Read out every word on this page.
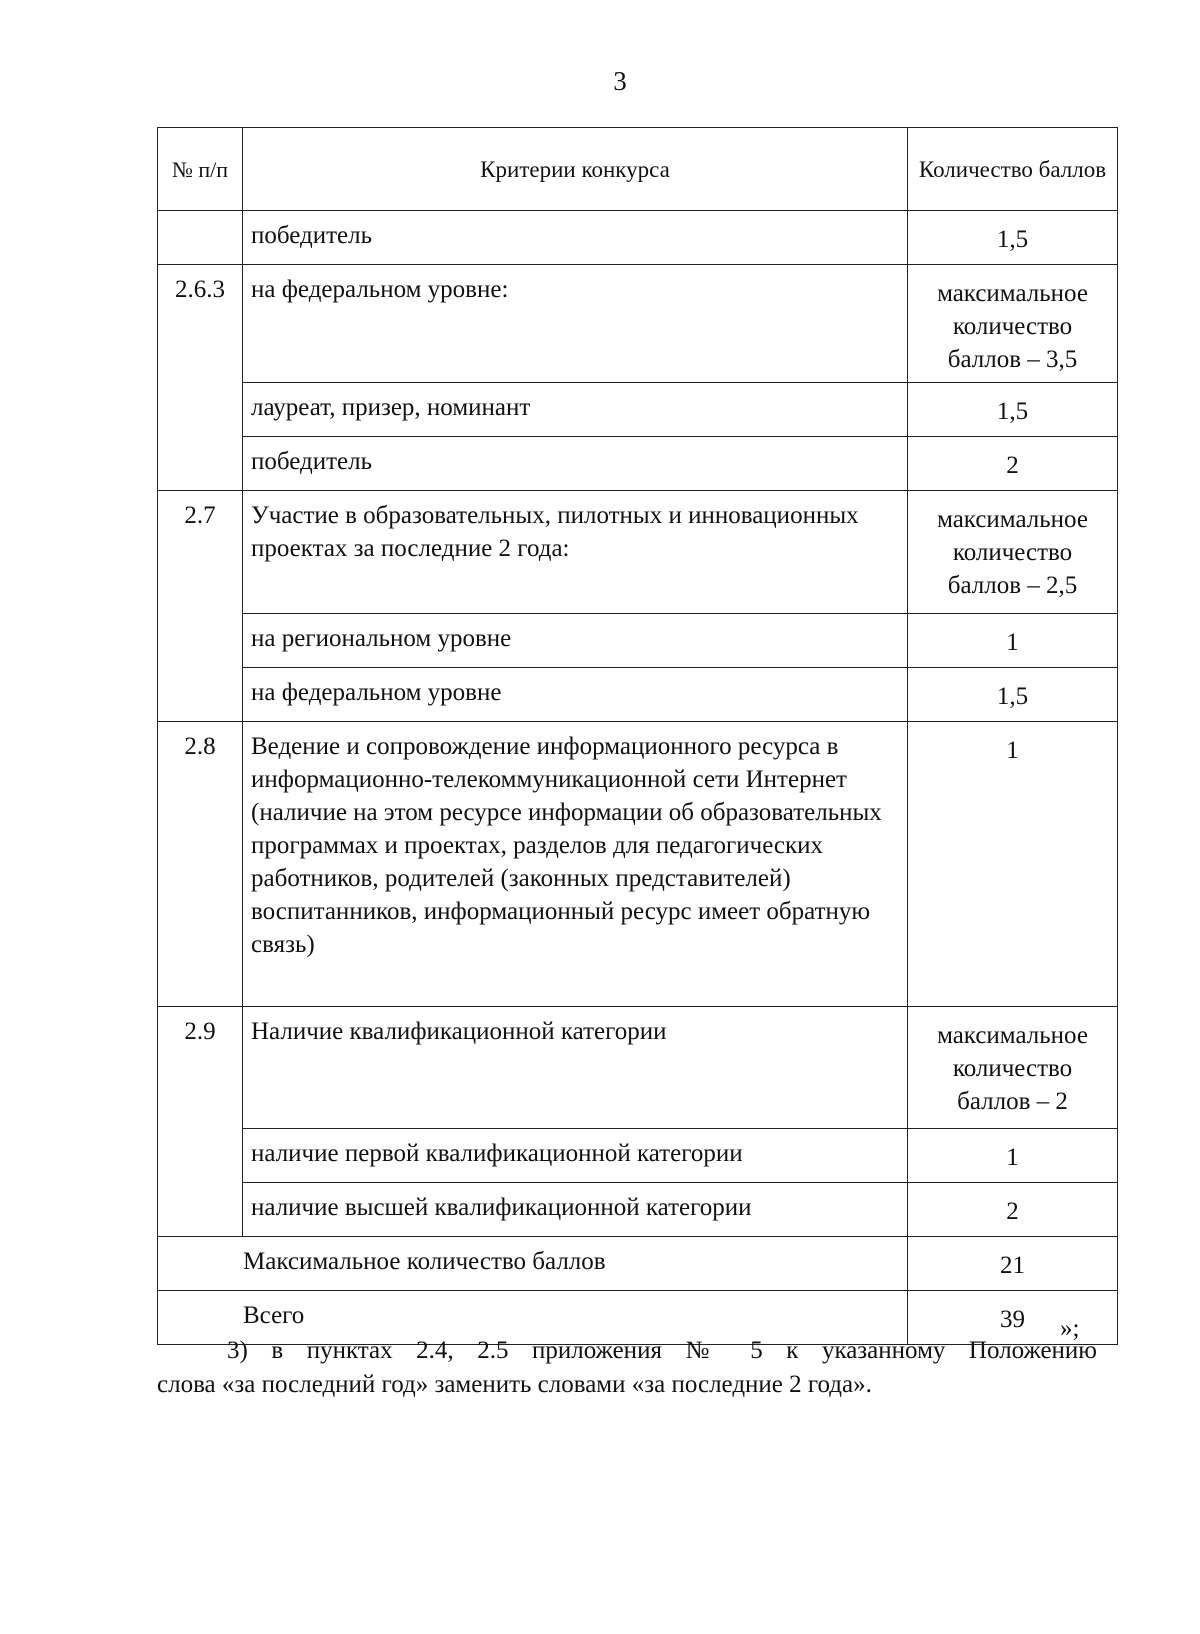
3
№ п/п	Критерии конкурса	Количество баллов
	победитель	1,5
2.6.3	на федеральном уровне:	максимальное
количество
баллов – 3,5

	лауреат, призер, номинант	1,5
	победитель	2
2.7	Участие в образовательных, пилотных и инновационных проектах за последние 2 года:	максимальное
количество
баллов – 2,5

	на региональном уровне	1
	на федеральном уровне	1,5
2.8	Ведение и сопровождение информационного ресурса в информационно-телекоммуникационной сети Интернет (наличие на этом ресурсе информации об образовательных программах и проектах, разделов для педагогических работников, родителей (законных представителей) воспитанников, информационный ресурс имеет обратную связь)	1
2.9	Наличие квалификационной категории	максимальное
количество
баллов – 2

	наличие первой квалификационной категории	1
	наличие высшей квалификационной категории	2
Максимальное количество баллов		21
Всего		39 »;
3) в пунктах 2.4, 2.5 приложения № 5 к указанному Положению
слова «за последний год» заменить словами «за последние 2 года».
